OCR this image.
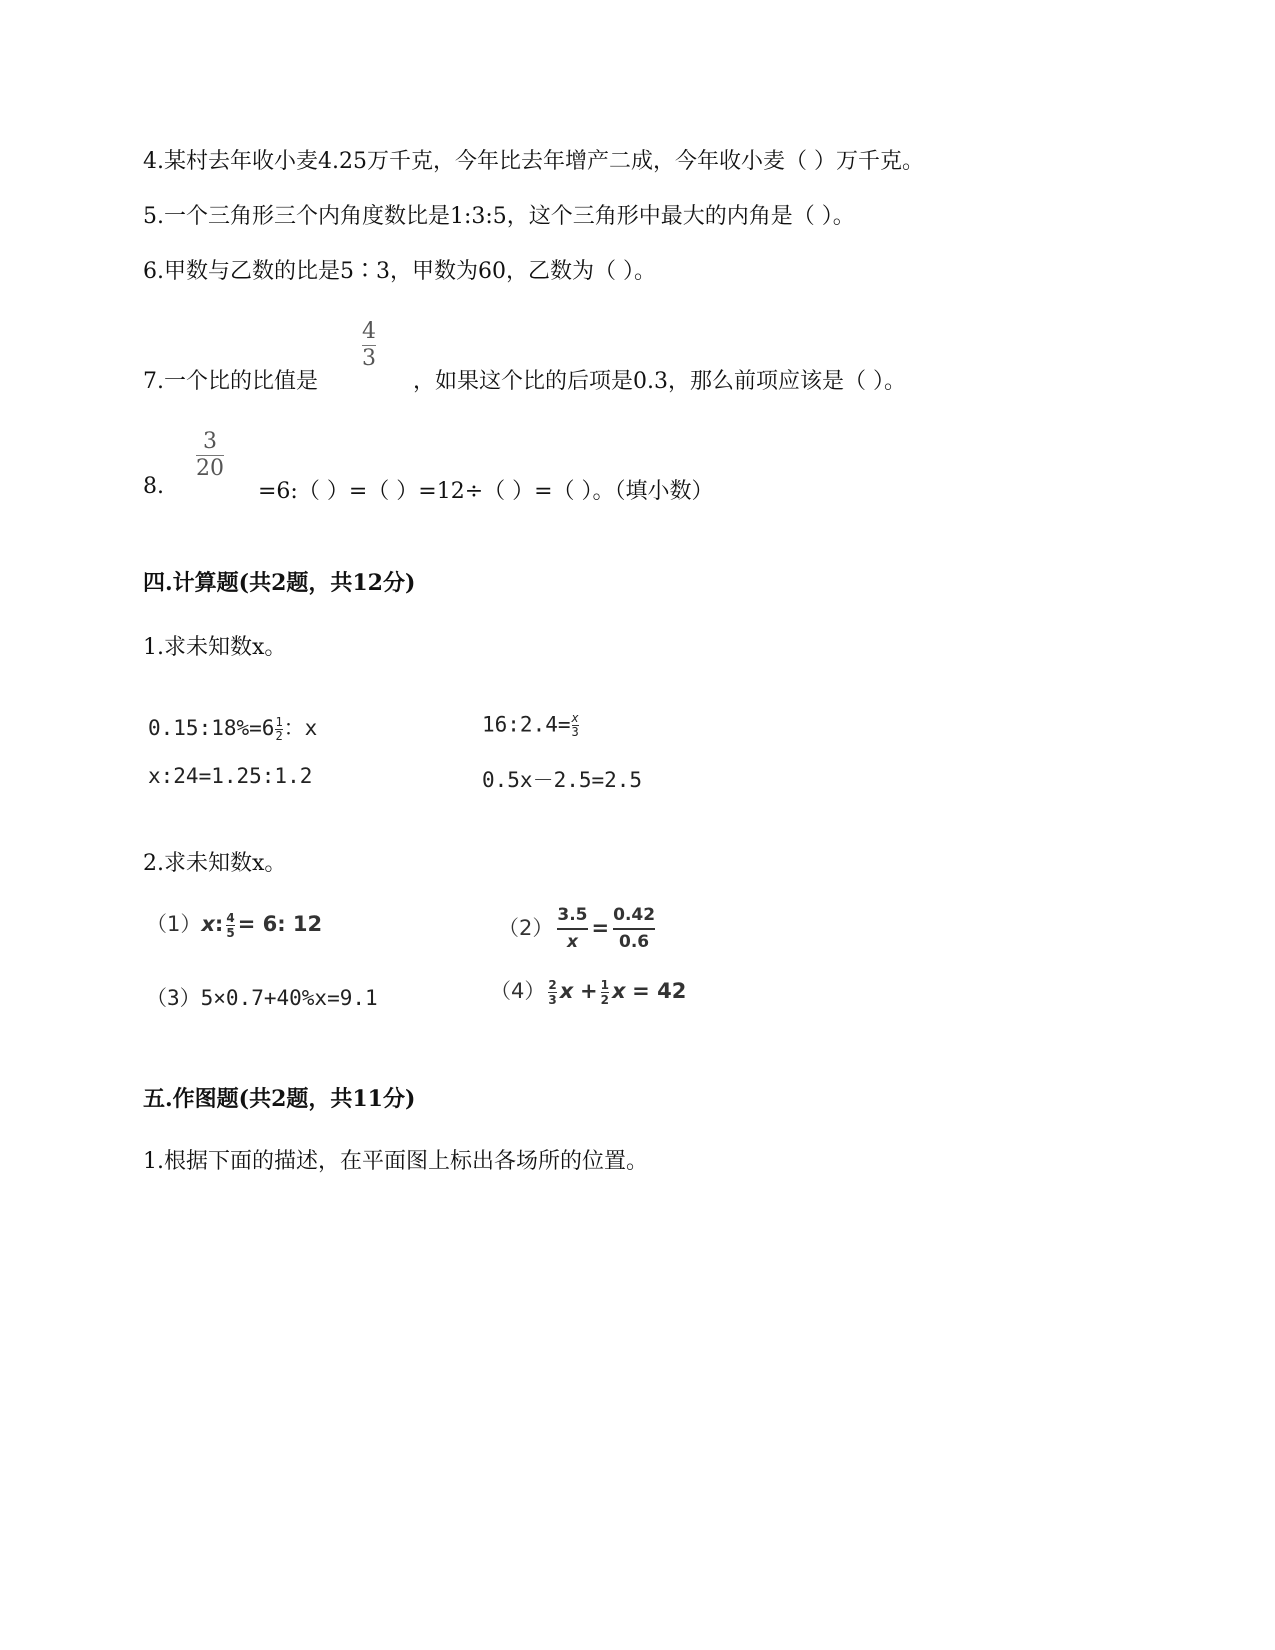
4.某村去年收小麦4.25万千克，今年比去年增产二成，今年收小麦（ ）万千克。
5.一个三角形三个内角度数比是1:3:5，这个三角形中最大的内角是（ ）。
6.甲数与乙数的比是5∶3，甲数为60，乙数为（ ）。
7.一个比的比值是
4
3
，如果这个比的后项是0.3，那么前项应该是（ ）。
8.
3
20
=6:（ ）=（ ）=12÷（ ）=（ ）。（填小数）
四.计算题(共2题，共12分)
1.求未知数x。
0.15:18%=6 $\frac{1}{2}$ ：x	16:2.4= $\frac{x}{3}$
x:24=1.25:1.2	0.5x－2.5=2.5
2.求未知数x。
（1）x: $\frac{4}{5} = 6$: 12	$(2) \frac{3.5}{x} = \frac{0.42}{0.6}$
（3）5×0.7+40%x=9.1	$(4) \frac{2}{3}$ $x + \frac{1}{2}$ x = 42
五.作图题(共2题，共11分)
1.根据下面的描述，在平面图上标出各场所的位置。
